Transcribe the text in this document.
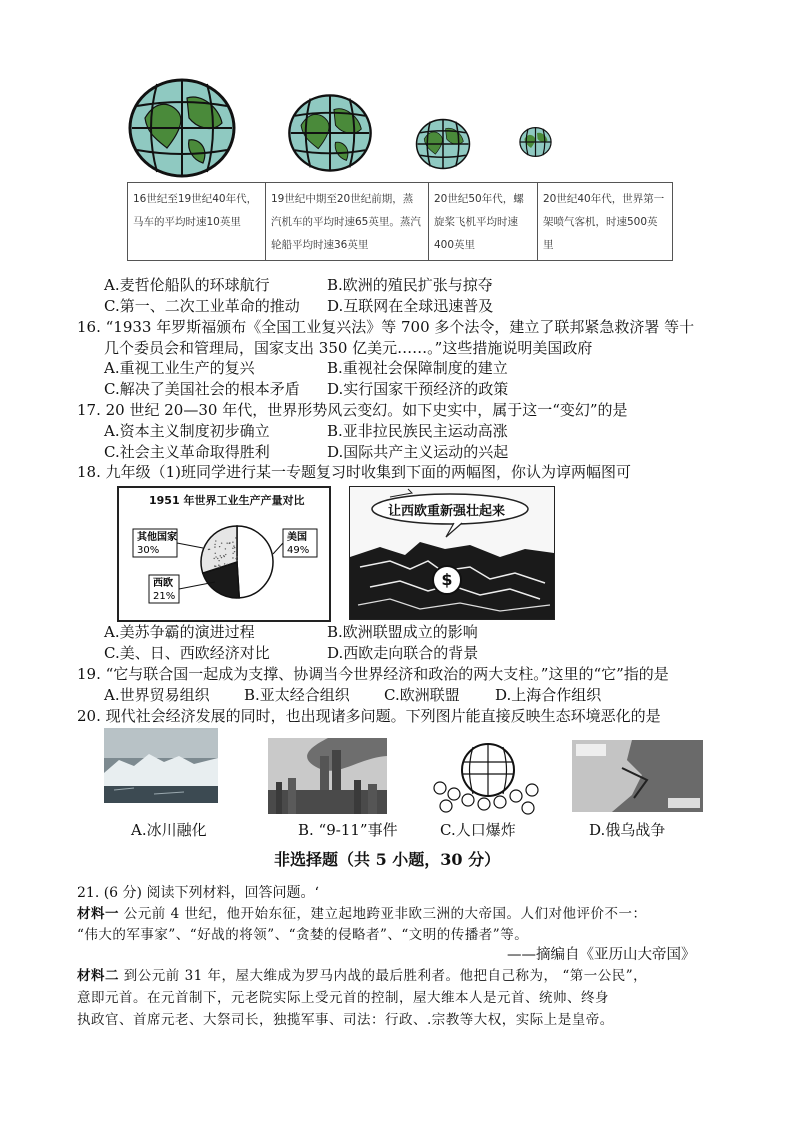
16世纪至19世纪40年代，马车的平均时速10英里	19世纪中期至20世纪前期，蒸汽机车的平均时速65英里。蒸汽轮船平均时速36英里	20世纪50年代，螺旋桨飞机平均时速400英里	20世纪40年代，世界第一架喷气客机，时速500英里
A.麦哲伦船队的环球航行	B.欧洲的殖民扩张与掠夺
C.第一、二次工业革命的推动 D.互联网在全球迅速普及
16. “1933 年罗斯福颁布《全国工业复兴法》等 700 多个法令，建立了联邦紧急救济署 等十
几个委员会和管理局，国家支出 350 亿美元……。”这些措施说明美国政府
A.重视工业生产的复兴	B.重视社会保障制度的建立
C.解决了美国社会的根本矛盾 D.实行国家干预经济的政策
17. 20 世纪 20—30 年代，世界形势风云变幻。如下史实中，属于这一“变幻”的是
A.资本主义制度初步确立	B.亚非拉民族民主运动高涨
C.社会主义革命取得胜利	D.国际共产主义运动的兴起
18. 九年级（1)班同学进行某一专题复习时收集到下面的两幅图，你认为谆两幅图可
1951 年世界工业生产产量对比
美国
49%
西欧
21%
其他国家
30%
让西欧重新强壮起来
$
A.美苏争霸的演进过程	B.欧洲联盟成立的影响
C.美、日、西欧经济对比	D.西欧走向联合的背景
19. “它与联合国一起成为支撑、协调当今世界经济和政治的两大支柱。”这里的“它”指的是
A.世界贸易组织 B.亚太经合组织 C.欧洲联盟 D.上海合作组织
20. 现代社会经济发展的同时，也出现诸多问题。下列图片能直接反映生态环境恶化的是
A.冰川融化	B. “9-11”事件	C.人口爆炸	D.俄乌战争
非选择题（共 5 小题，30 分）
21. (6 分) 阅读下列材料，回答问题。‘
材料一 公元前 4 世纪，他开始东征，建立起地跨亚非欧三洲的大帝国。人们对他评价不一：
“伟大的军事家”、“好战的将领”、“贪婪的侵略者”、“文明的传播者”等。
——摘编自《亚历山大帝国》
材料二 到公元前 31 年，屋大维成为罗马内战的最后胜利者。他把自己称为， “第一公民”，
意即元首。在元首制下，元老院实际上受元首的控制，屋大维本人是元首、统帅、终身
执政官、首席元老、大祭司长，独揽军事、司法：行政、.宗教等大权，实际上是皇帝。
